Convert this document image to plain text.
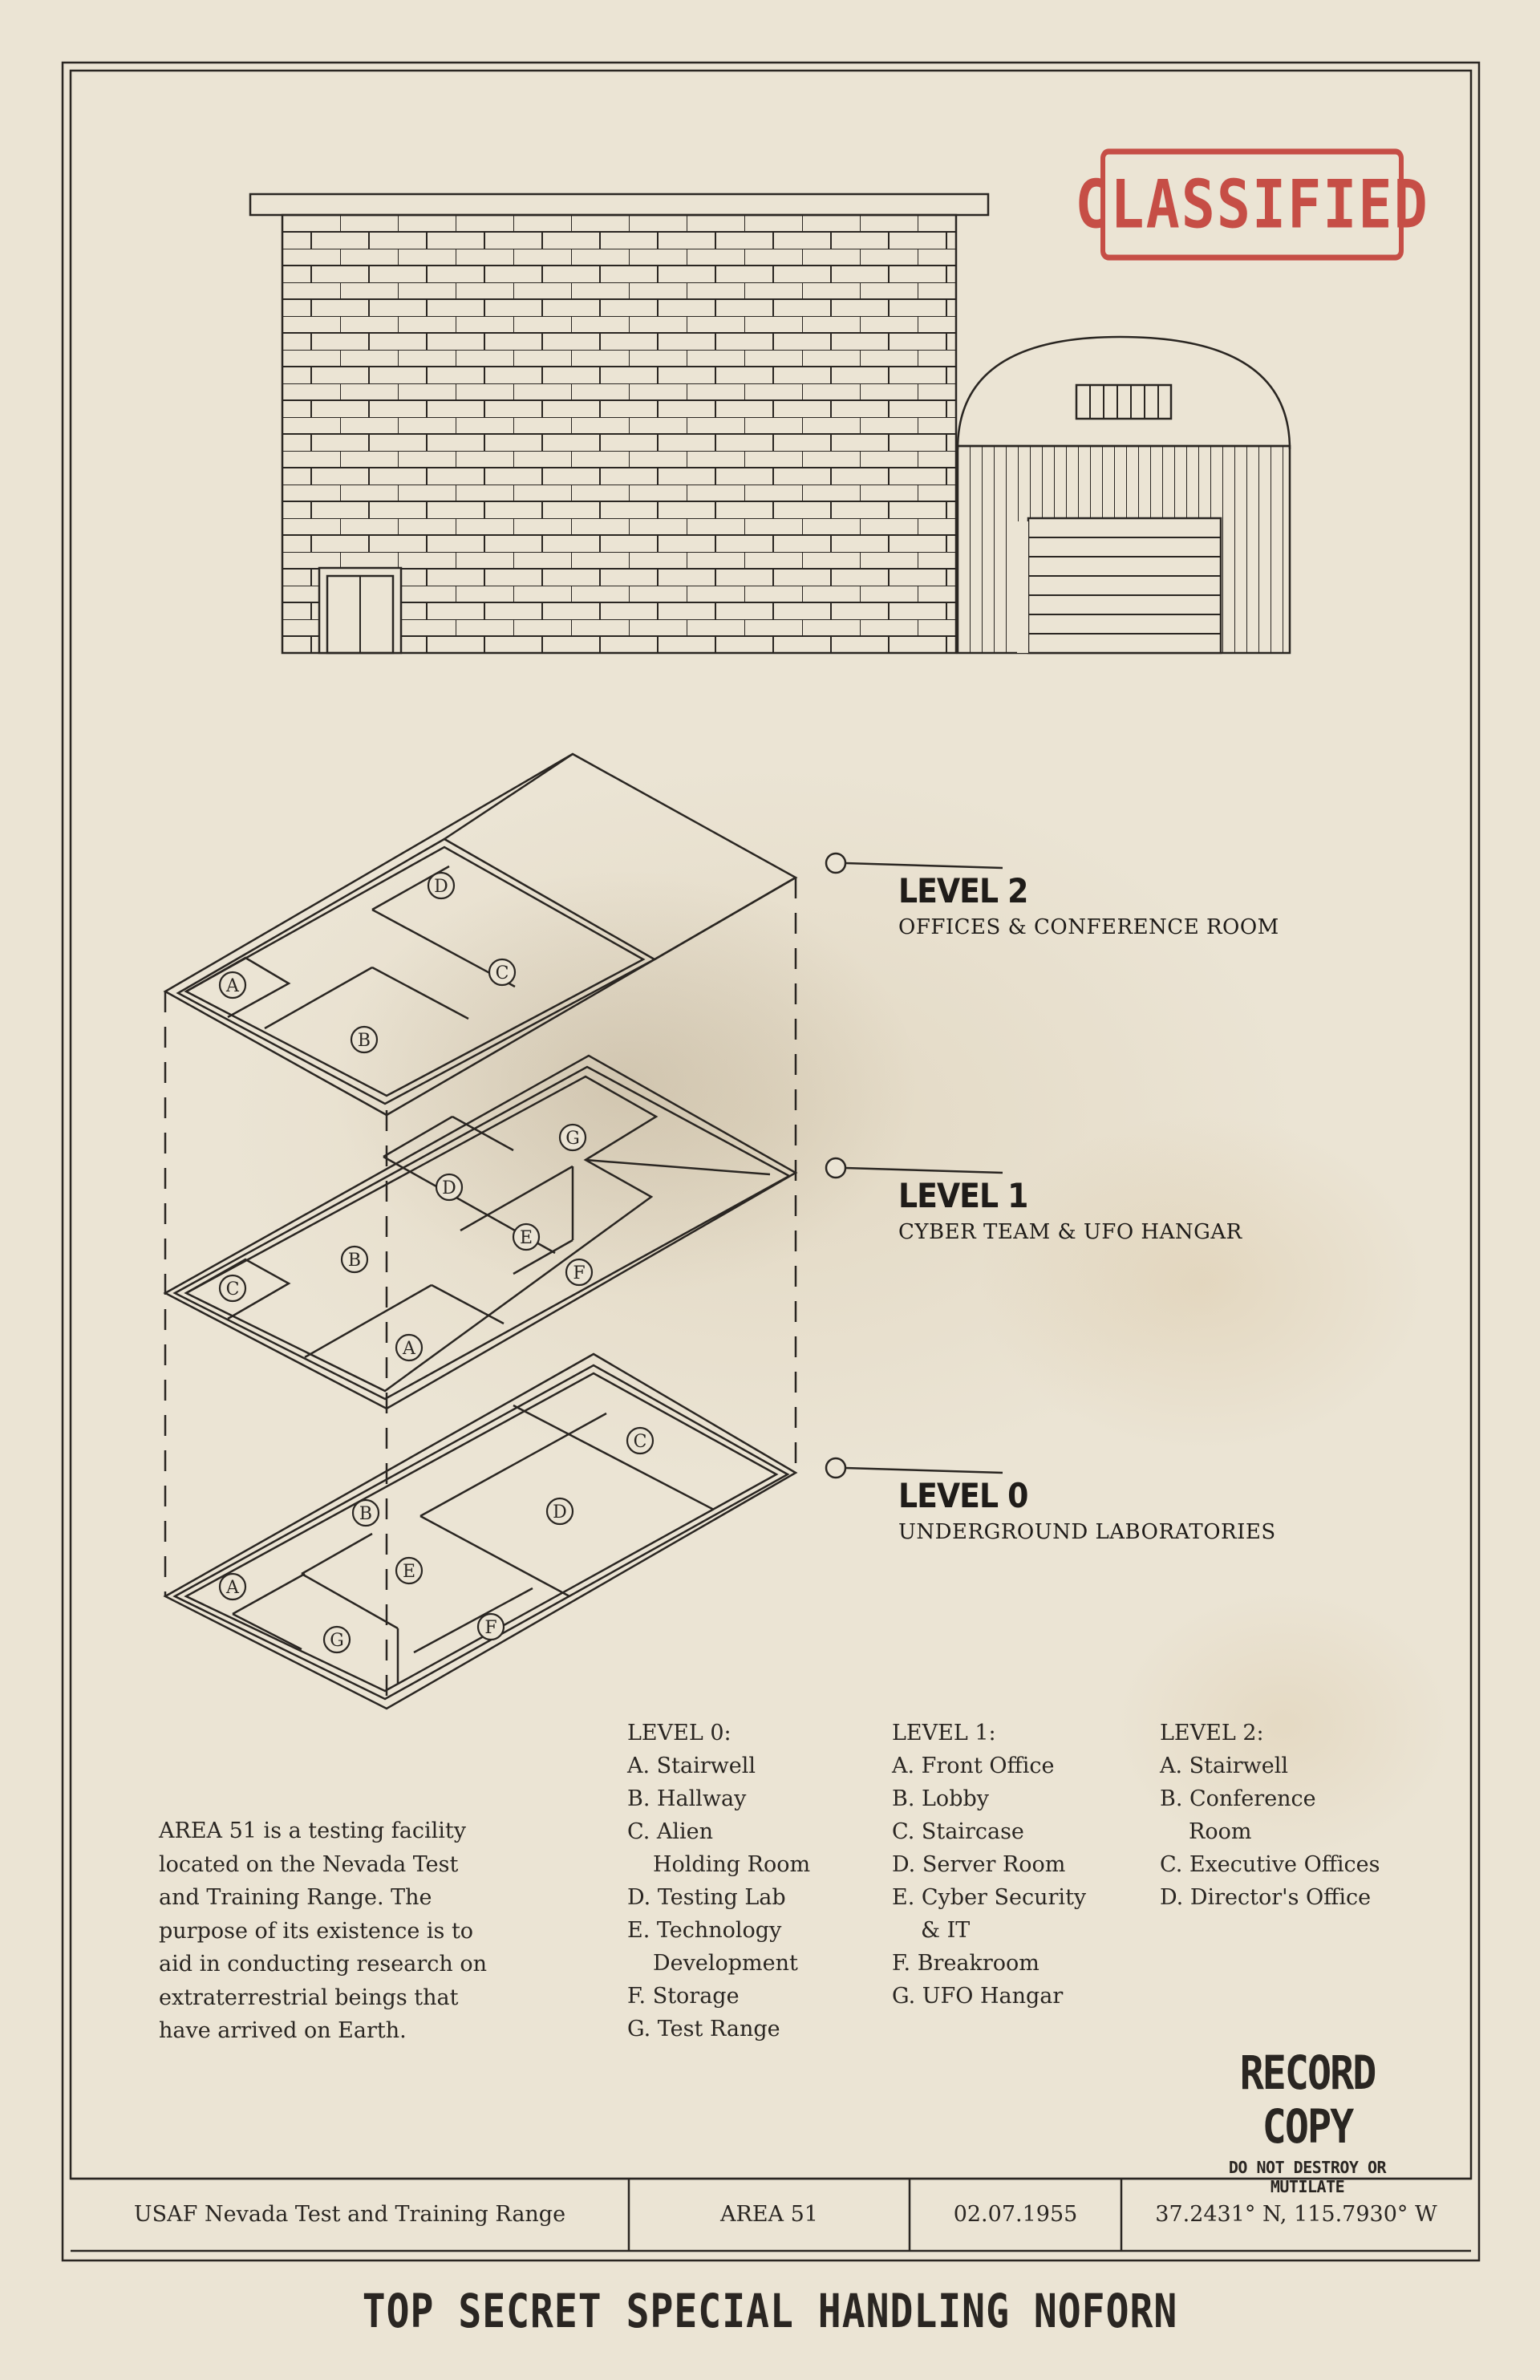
D
C
A
B
G
D
E
F
B
C
A
C
B	D
E
A
G
F
CLASSIFIED
LEVEL 2
OFFICES & CONFERENCE ROOM
LEVEL 1
CYBER TEAM & UFO HANGAR
LEVEL 0
UNDERGROUND LABORATORIES
LEVEL 0:
A. Stairwell
B. Hallway
C. Alien
Holding Room
D. Testing Lab
E. Technology
Development
F. Storage
G. Test Range
LEVEL 1:
A. Front Office
B. Lobby
C. Staircase
D. Server Room
E. Cyber Security
& IT
F. Breakroom
G. UFO Hangar
LEVEL 2:
A. Stairwell
B. Conference
Room
C. Executive Offices
D. Director's Office
AREA 51 is a testing facility located on the Nevada Test and Training Range. The purpose of its existence is to aid in conducting research on extraterrestrial beings that have arrived on Earth.
RECORD COPY
DO NOT DESTROY OR MUTILATE
USAF Nevada Test and Training Range	AREA 51	02.07.1955	37.2431° N, 115.7930° W
TOP SECRET SPECIAL HANDLING NOFORN
